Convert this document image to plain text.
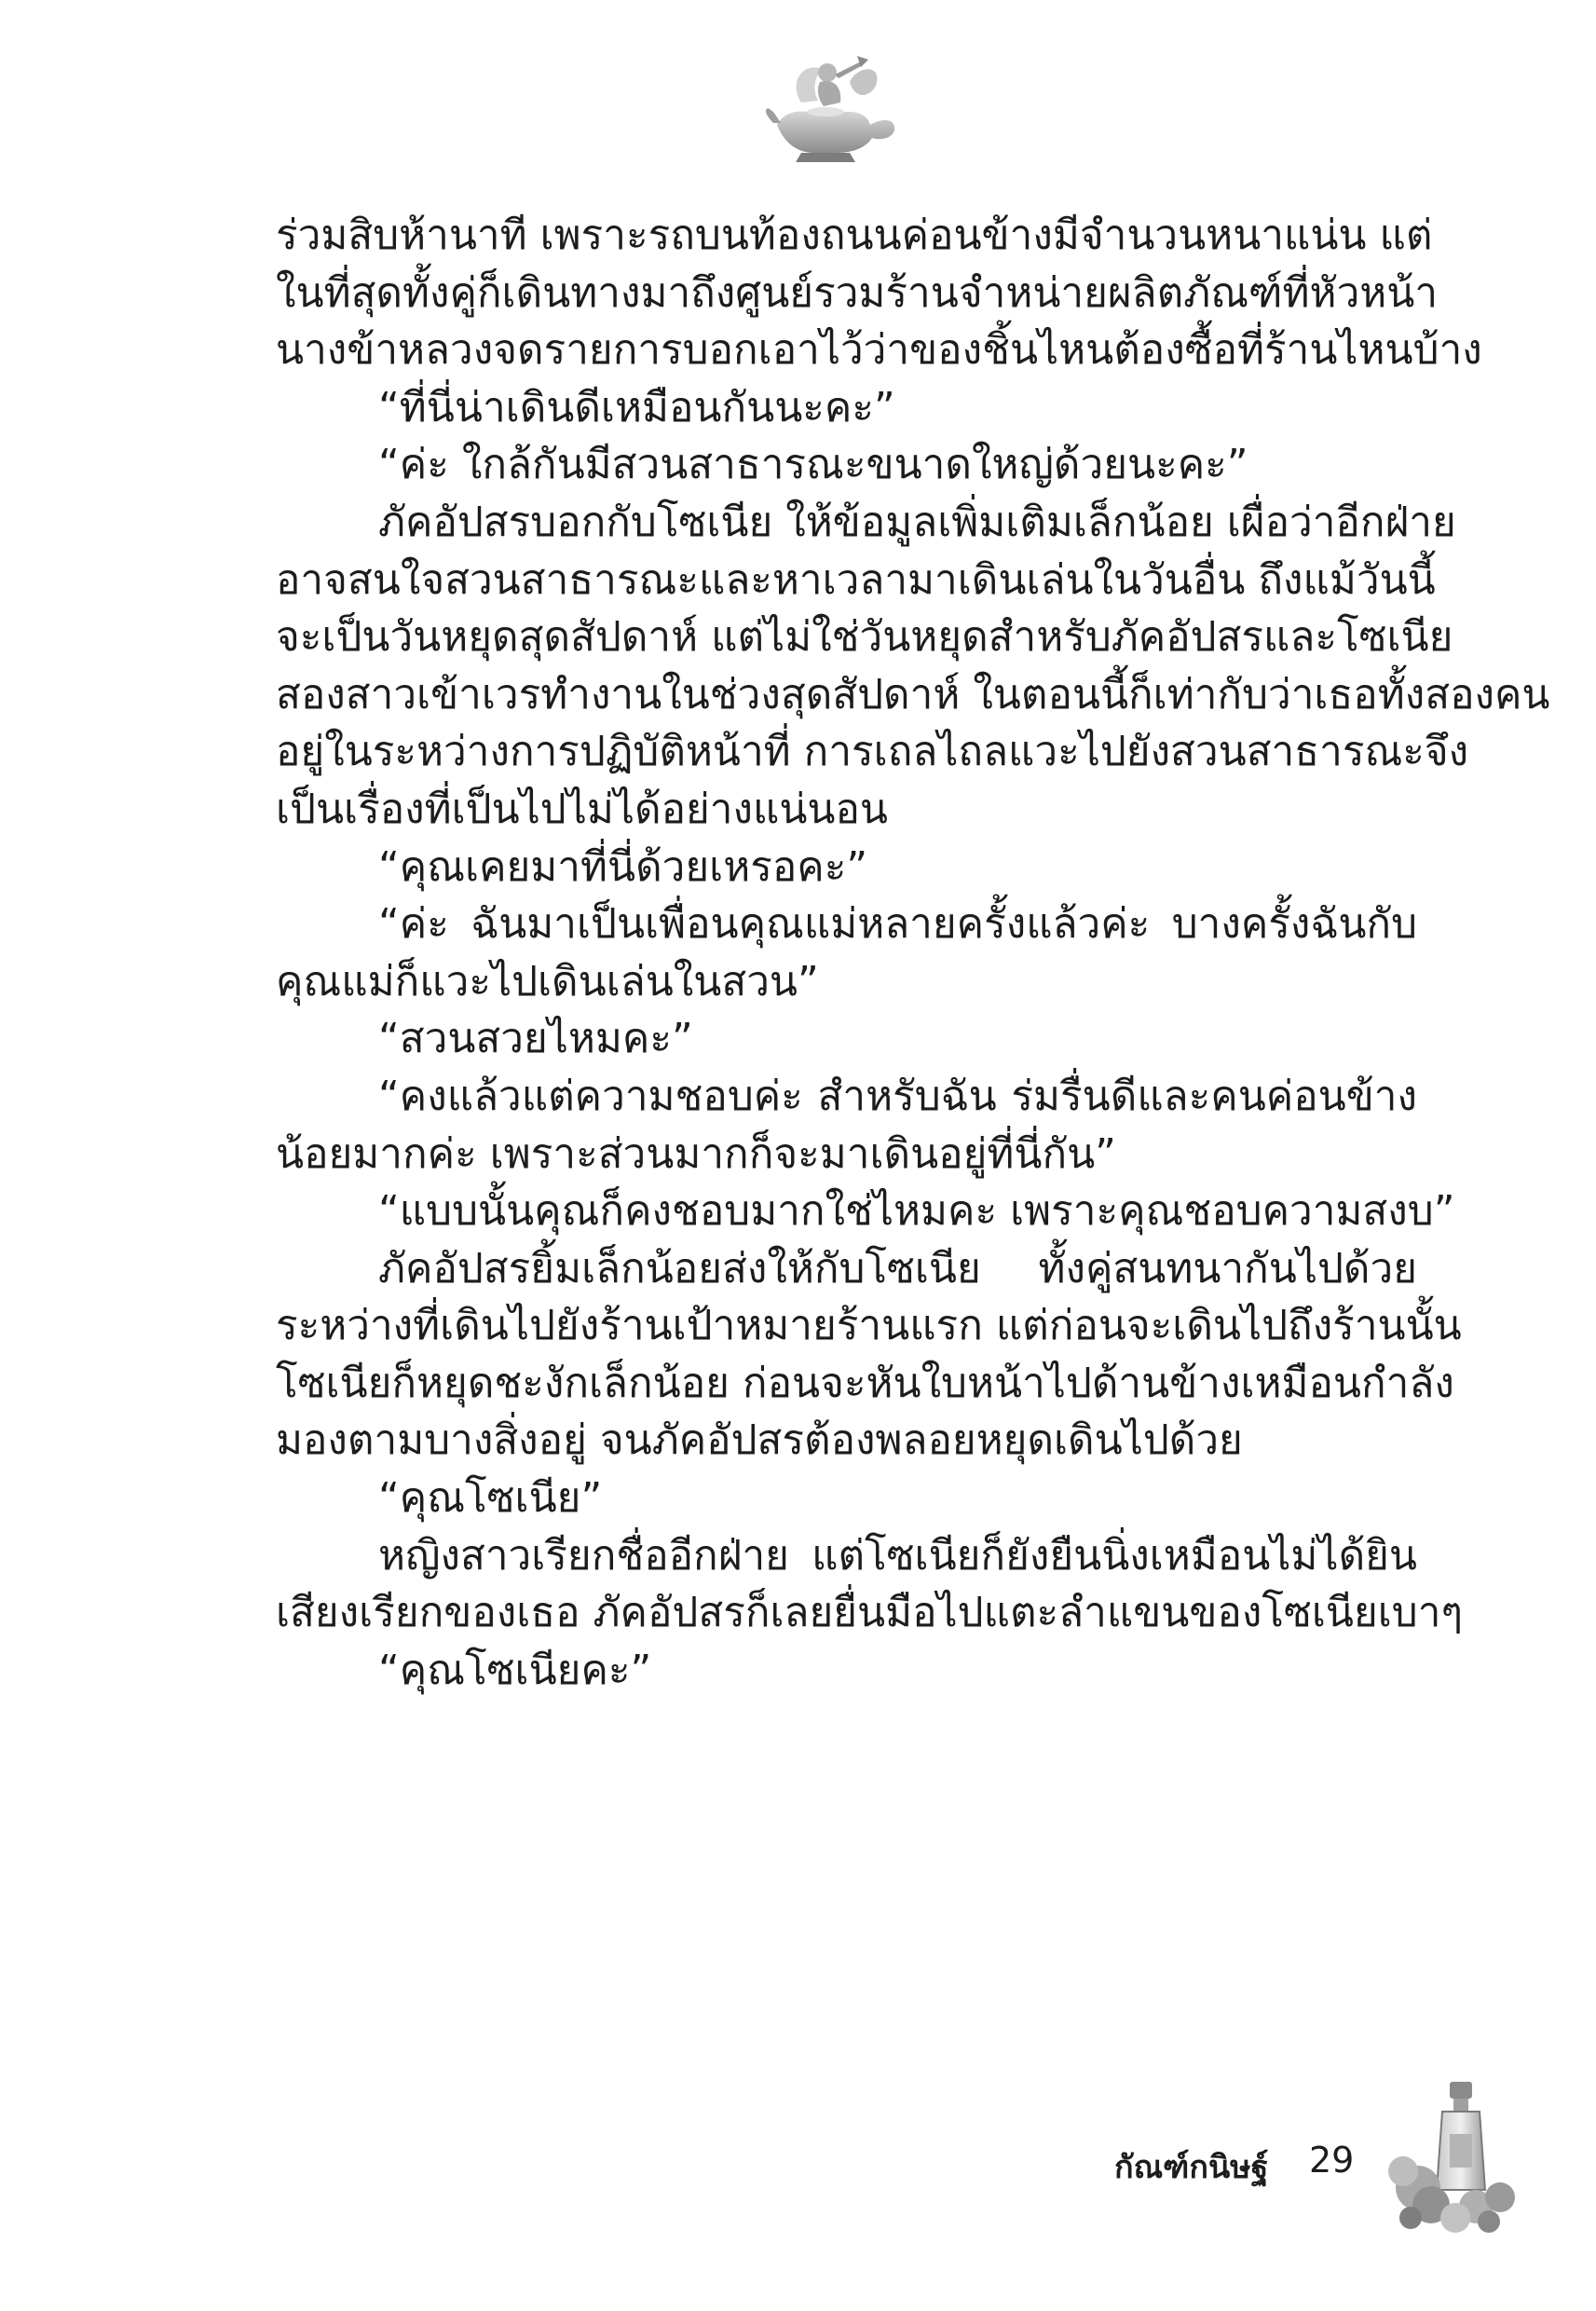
ร่วมสิบห้านาที เพราะรถบนท้องถนนค่อนข้างมีจำนวนหนาแน่น แต่
ในที่สุดทั้งคู่ก็เดินทางมาถึงศูนย์รวมร้านจำหน่ายผลิตภัณฑ์ที่หัวหน้า
นางข้าหลวงจดรายการบอกเอาไว้ว่าของชิ้นไหนต้องซื้อที่ร้านไหนบ้าง
“ที่นี่น่าเดินดีเหมือนกันนะคะ”
“ค่ะ ใกล้กันมีสวนสาธารณะขนาดใหญ่ด้วยนะคะ”
ภัคอัปสรบอกกับโซเนีย ให้ข้อมูลเพิ่มเติมเล็กน้อย เผื่อว่าอีกฝ่าย
อาจสนใจสวนสาธารณะและหาเวลามาเดินเล่นในวันอื่น ถึงแม้วันนี้
จะเป็นวันหยุดสุดสัปดาห์ แต่ไม่ใช่วันหยุดสำหรับภัคอัปสรและโซเนีย
สองสาวเข้าเวรทำงานในช่วงสุดสัปดาห์ ในตอนนี้ก็เท่ากับว่าเธอทั้งสองคน
อยู่ในระหว่างการปฏิบัติหน้าที่ การเถลไถลแวะไปยังสวนสาธารณะจึง
เป็นเรื่องที่เป็นไปไม่ได้อย่างแน่นอน
“คุณเคยมาที่นี่ด้วยเหรอคะ”
“ค่ะ ฉันมาเป็นเพื่อนคุณแม่หลายครั้งแล้วค่ะ บางครั้งฉันกับ
คุณแม่ก็แวะไปเดินเล่นในสวน”
“สวนสวยไหมคะ”
“คงแล้วแต่ความชอบค่ะ สำหรับฉัน ร่มรื่นดีและคนค่อนข้าง
น้อยมากค่ะ เพราะส่วนมากก็จะมาเดินอยู่ที่นี่กัน”
“แบบนั้นคุณก็คงชอบมากใช่ไหมคะ เพราะคุณชอบความสงบ”
ภัคอัปสรยิ้มเล็กน้อยส่งให้กับโซเนีย ทั้งคู่สนทนากันไปด้วย
ระหว่างที่เดินไปยังร้านเป้าหมายร้านแรก แต่ก่อนจะเดินไปถึงร้านนั้น
โซเนียก็หยุดชะงักเล็กน้อย ก่อนจะหันใบหน้าไปด้านข้างเหมือนกำลัง
มองตามบางสิ่งอยู่ จนภัคอัปสรต้องพลอยหยุดเดินไปด้วย
“คุณโซเนีย”
หญิงสาวเรียกชื่ออีกฝ่าย แต่โซเนียก็ยังยืนนิ่งเหมือนไม่ได้ยิน
เสียงเรียกของเธอ ภัคอัปสรก็เลยยื่นมือไปแตะลำแขนของโซเนียเบาๆ
“คุณโซเนียคะ”
กัณฑ์กนิษฐ์ 29
